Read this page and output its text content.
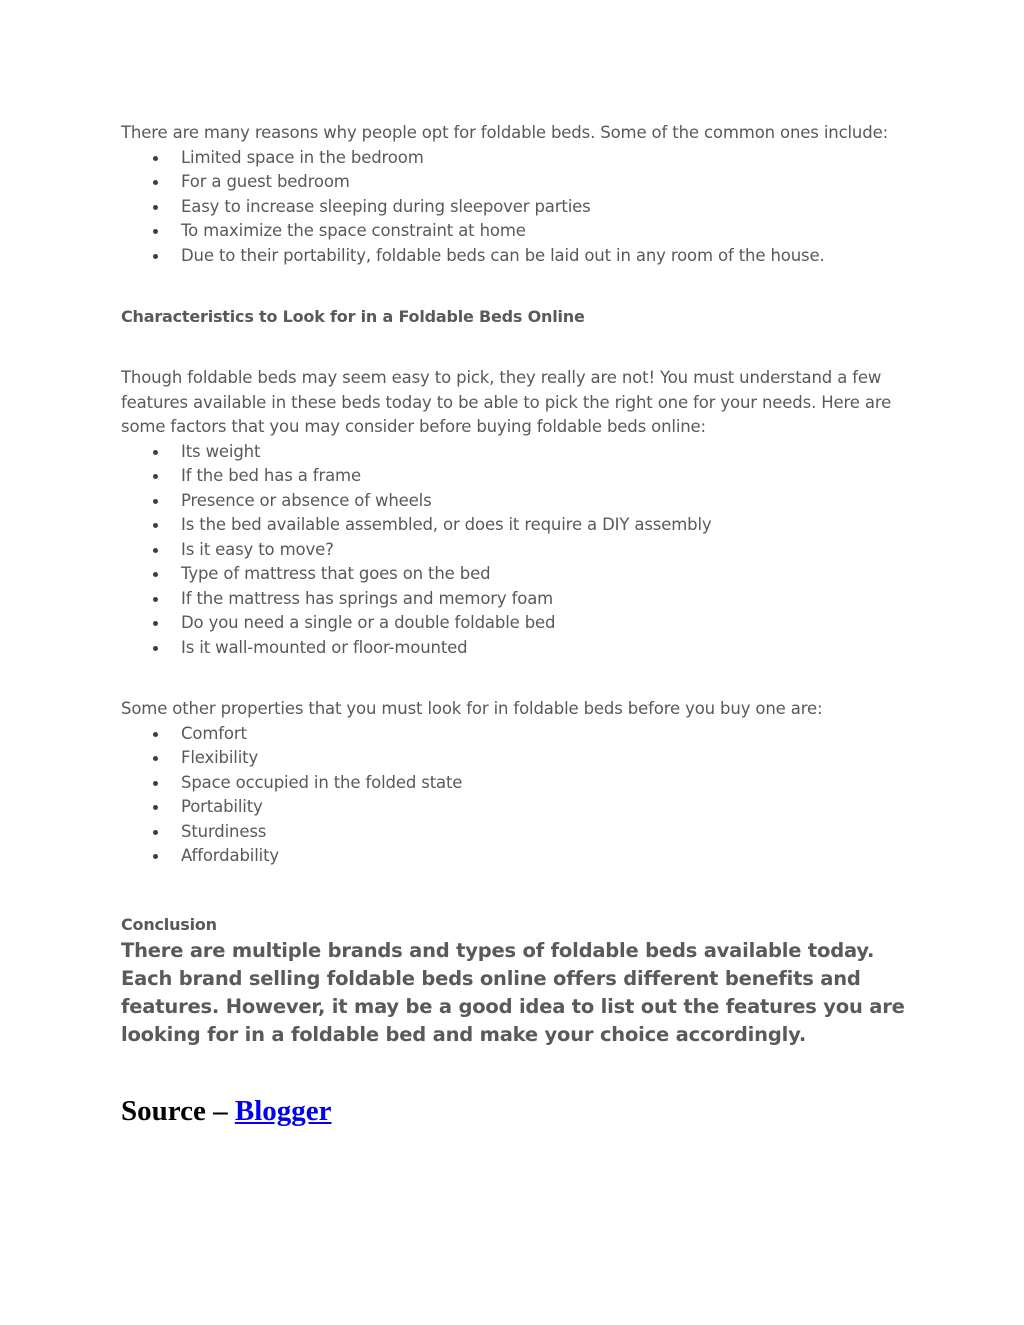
There are many reasons why people opt for foldable beds. Some of the common ones include:

Limited space in the bedroom
For a guest bedroom
Easy to increase sleeping during sleepover parties
To maximize the space constraint at home
Due to their portability, foldable beds can be laid out in any room of the house.
Characteristics to Look for in a Foldable Beds Online

Though foldable beds may seem easy to pick, they really are not! You must understand a few features available in these beds today to be able to pick the right one for your needs. Here are some factors that you may consider before buying foldable beds online:

Its weight
If the bed has a frame
Presence or absence of wheels
Is the bed available assembled, or does it require a DIY assembly
Is it easy to move?
Type of mattress that goes on the bed
If the mattress has springs and memory foam
Do you need a single or a double foldable bed
Is it wall-mounted or floor-mounted

Some other properties that you must look for in foldable beds before you buy one are:

Comfort
Flexibility
Space occupied in the folded state
Portability
Sturdiness
Affordability
Conclusion

There are multiple brands and types of foldable beds available today. Each brand selling foldable beds online offers different benefits and features. However, it may be a good idea to list out the features you are looking for in a foldable bed and make your choice accordingly.

Source – Blogger
